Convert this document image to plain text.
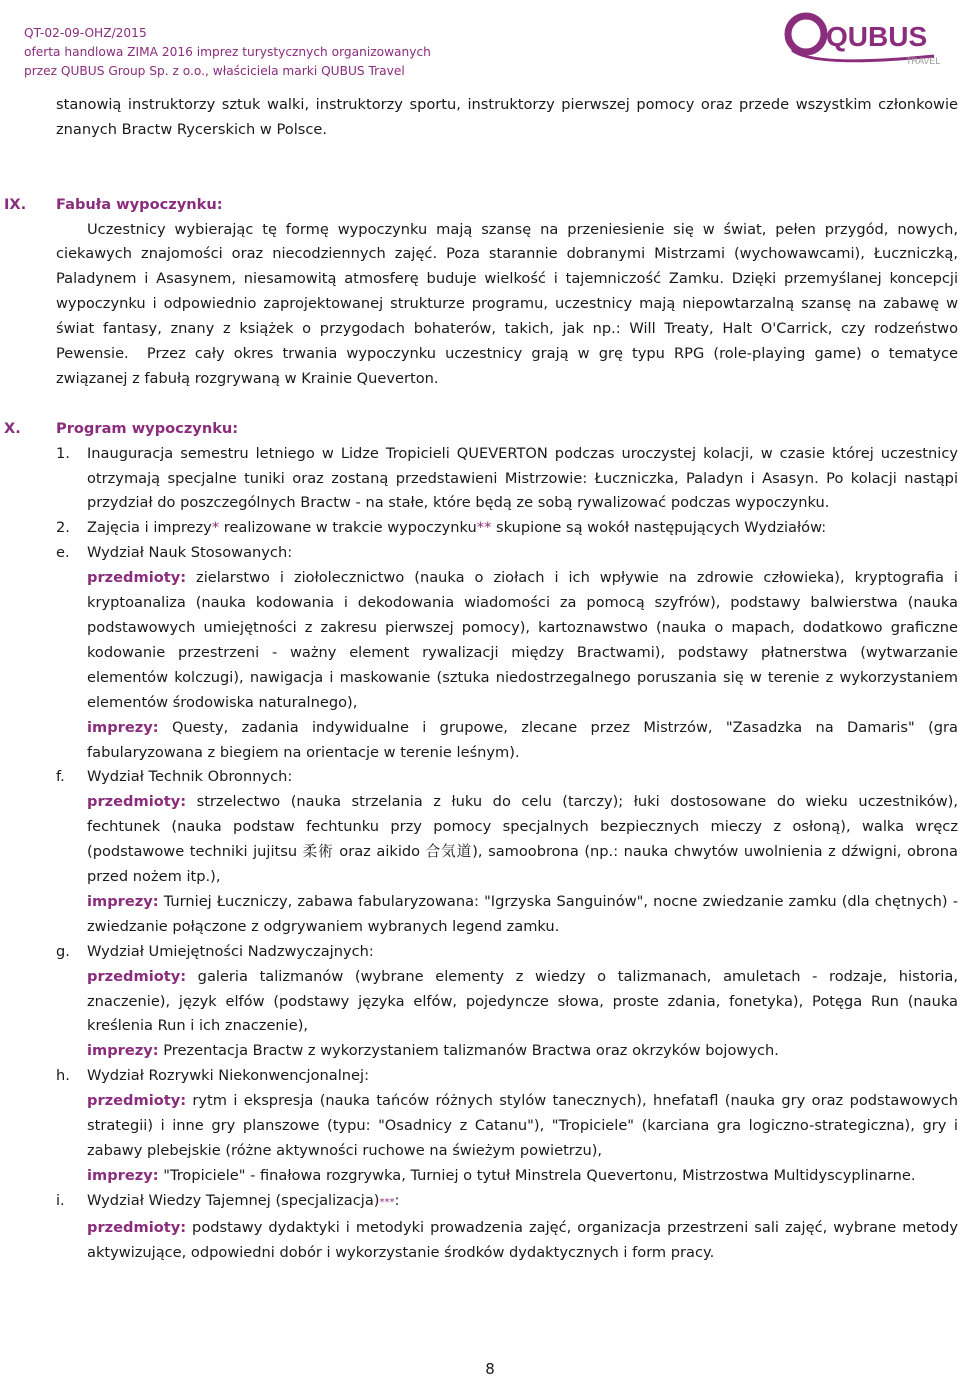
QT-02-09-OHZ/2015
oferta handlowa ZIMA 2016 imprez turystycznych organizowanych
przez QUBUS Group Sp. z o.o., właściciela marki QUBUS Travel
QUBUS
TRAVEL

stanowią instruktorzy sztuk walki, instruktorzy sportu, instruktorzy pierwszej pomocy oraz przede wszystkim członkowie znanych Bractw Rycerskich w Polsce.

IX. Fabuła wypoczynku:

Uczestnicy wybierając tę formę wypoczynku mają szansę na przeniesienie się w świat, pełen przygód, nowych, ciekawych znajomości oraz niecodziennych zajęć. Poza starannie dobranymi Mistrzami (wychowawcami), Łuczniczką, Paladynem i Asasynem, niesamowitą atmosferę buduje wielkość i tajemniczość Zamku. Dzięki przemyślanej koncepcji wypoczynku i odpowiednio zaprojektowanej strukturze programu, uczestnicy mają niepowtarzalną szansę na zabawę w świat fantasy, znany z książek o przygodach bohaterów, takich, jak np.: Will Treaty, Halt O'Carrick, czy rodzeństwo Pewensie. Przez cały okres trwania wypoczynku uczestnicy grają w grę typu RPG (role-playing game) o tematyce związanej z fabułą rozgrywaną w Krainie Queverton.

X. Program wypoczynku:
1. Inauguracja semestru letniego w Lidze Tropicieli QUEVERTON podczas uroczystej kolacji, w czasie której uczestnicy otrzymają specjalne tuniki oraz zostaną przedstawieni Mistrzowie: Łuczniczka, Paladyn i Asasyn. Po kolacji nastąpi przydział do poszczególnych Bractw - na stałe, które będą ze sobą rywalizować podczas wypoczynku.
2. Zajęcia i imprezy* realizowane w trakcie wypoczynku** skupione są wokół następujących Wydziałów:
e. Wydział Nauk Stosowanych:
przedmioty: zielarstwo i ziołolecznictwo (nauka o ziołach i ich wpływie na zdrowie człowieka), kryptografia i kryptoanaliza (nauka kodowania i dekodowania wiadomości za pomocą szyfrów), podstawy balwierstwa (nauka podstawowych umiejętności z zakresu pierwszej pomocy), kartoznawstwo (nauka o mapach, dodatkowo graficzne kodowanie przestrzeni - ważny element rywalizacji między Bractwami), podstawy płatnerstwa (wytwarzanie elementów kolczugi), nawigacja i maskowanie (sztuka niedostrzegalnego poruszania się w terenie z wykorzystaniem elementów środowiska naturalnego),
imprezy: Questy, zadania indywidualne i grupowe, zlecane przez Mistrzów, "Zasadzka na Damaris" (gra fabularyzowana z biegiem na orientacje w terenie leśnym).
f. Wydział Technik Obronnych:
przedmioty: strzelectwo (nauka strzelania z łuku do celu (tarczy); łuki dostosowane do wieku uczestników), fechtunek (nauka podstaw fechtunku przy pomocy specjalnych bezpiecznych mieczy z osłoną), walka wręcz (podstawowe techniki jujitsu 柔術 oraz aikido 合気道), samoobrona (np.: nauka chwytów uwolnienia z dźwigni, obrona przed nożem itp.),
imprezy: Turniej Łuczniczy, zabawa fabularyzowana: "Igrzyska Sanguinów", nocne zwiedzanie zamku (dla chętnych) - zwiedzanie połączone z odgrywaniem wybranych legend zamku.
g. Wydział Umiejętności Nadzwyczajnych:
przedmioty: galeria talizmanów (wybrane elementy z wiedzy o talizmanach, amuletach - rodzaje, historia, znaczenie), język elfów (podstawy języka elfów, pojedyncze słowa, proste zdania, fonetyka), Potęga Run (nauka kreślenia Run i ich znaczenie),
imprezy: Prezentacja Bractw z wykorzystaniem talizmanów Bractwa oraz okrzyków bojowych.
h. Wydział Rozrywki Niekonwencjonalnej:
przedmioty: rytm i ekspresja (nauka tańców różnych stylów tanecznych), hnefatafl (nauka gry oraz podstawowych strategii) i inne gry planszowe (typu: "Osadnicy z Catanu"), "Tropiciele" (karciana gra logiczno-strategiczna), gry i zabawy plebejskie (różne aktywności ruchowe na świeżym powietrzu),
imprezy: "Tropiciele" - finałowa rozgrywka, Turniej o tytuł Minstrela Quevertonu, Mistrzostwa Multidyscyplinarne.
i. Wydział Wiedzy Tajemnej (specjalizacja)***:
przedmioty: podstawy dydaktyki i metodyki prowadzenia zajęć, organizacja przestrzeni sali zajęć, wybrane metody aktywizujące, odpowiedni dobór i wykorzystanie środków dydaktycznych i form pracy.
8
